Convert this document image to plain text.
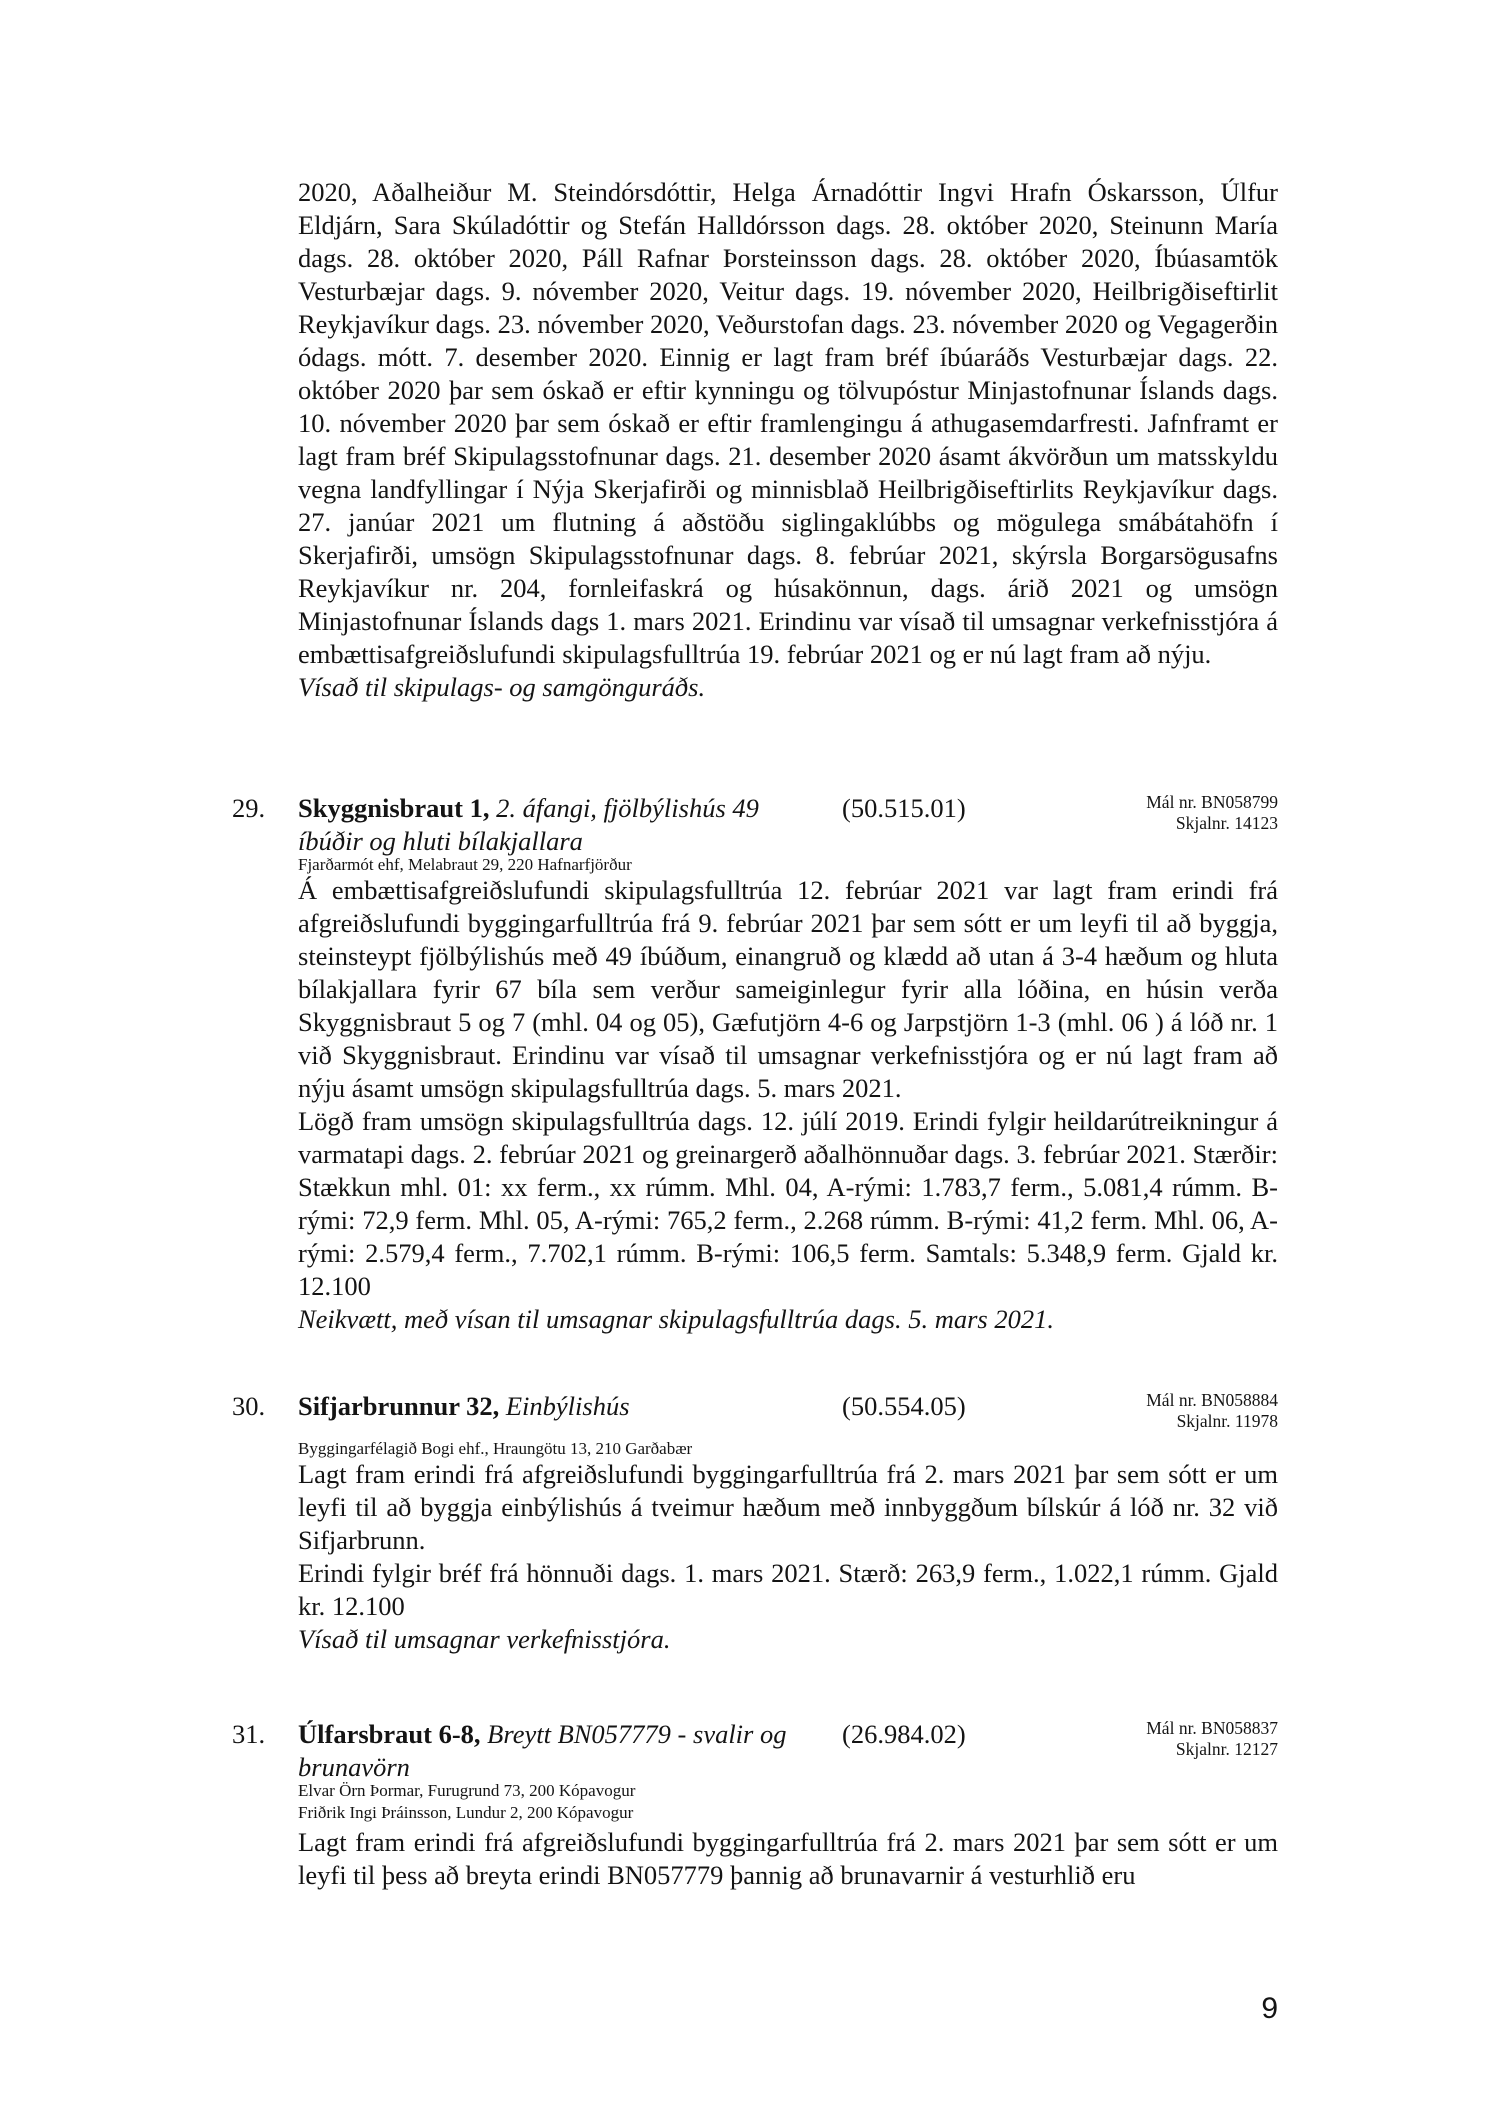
2020, Aðalheiður M. Steindórsdóttir, Helga Árnadóttir Ingvi Hrafn Óskarsson, Úlfur Eldjárn, Sara Skúladóttir og Stefán Halldórsson dags. 28. október 2020, Steinunn María dags. 28. október 2020, Páll Rafnar Þorsteinsson dags. 28. október 2020, Íbúasamtök Vesturbæjar dags. 9. nóvember 2020, Veitur dags. 19. nóvember 2020, Heilbrigðiseftirlit Reykjavíkur dags. 23. nóvember 2020, Veðurstofan dags. 23. nóvember 2020 og Vegagerðin ódags. mótt. 7. desember 2020. Einnig er lagt fram bréf íbúaráðs Vesturbæjar dags. 22. október 2020 þar sem óskað er eftir kynningu og tölvupóstur Minjastofnunar Íslands dags. 10. nóvember 2020 þar sem óskað er eftir framlengingu á athugasemdarfresti. Jafnframt er lagt fram bréf Skipulagsstofnunar dags. 21. desember 2020 ásamt ákvörðun um matsskyldu vegna landfyllingar í Nýja Skerjafirði og minnisblað Heilbrigðiseftirlits Reykjavíkur dags. 27. janúar 2021 um flutning á aðstöðu siglingaklúbbs og mögulega smábátahöfn í Skerjafirði, umsögn Skipulagsstofnunar dags. 8. febrúar 2021, skýrsla Borgarsögusafns Reykjavíkur nr. 204, fornleifaskrá og húsakönnun, dags. árið 2021 og umsögn Minjastofnunar Íslands dags 1. mars 2021. Erindinu var vísað til umsagnar verkefnisstjóra á embættisafgreiðslufundi skipulagsfulltrúa 19. febrúar 2021 og er nú lagt fram að nýju.

Vísað til skipulags- og samgönguráðs.

29. Skyggnisbraut 1, 2. áfangi, fjölbýlishús 49 íbúðir og hluti bílakjallara
(50.515.01)	Mál nr. BN058799
Skjalnr. 14123
Fjarðarmót ehf, Melabraut 29, 220 Hafnarfjörður

Á embættisafgreiðslufundi skipulagsfulltrúa 12. febrúar 2021 var lagt fram erindi frá afgreiðslufundi byggingarfulltrúa frá 9. febrúar 2021 þar sem sótt er um leyfi til að byggja, steinsteypt fjölbýlishús með 49 íbúðum, einangruð og klædd að utan á 3-4 hæðum og hluta bílakjallara fyrir 67 bíla sem verður sameiginlegur fyrir alla lóðina, en húsin verða Skyggnisbraut 5 og 7 (mhl. 04 og 05), Gæfutjörn 4-6 og Jarpstjörn 1-3 (mhl. 06 ) á lóð nr. 1 við Skyggnisbraut. Erindinu var vísað til umsagnar verkefnisstjóra og er nú lagt fram að nýju ásamt umsögn skipulagsfulltrúa dags. 5. mars 2021.

Lögð fram umsögn skipulagsfulltrúa dags. 12. júlí 2019. Erindi fylgir heildarútreikningur á varmatapi dags. 2. febrúar 2021 og greinargerð aðalhönnuðar dags. 3. febrúar 2021. Stærðir: Stækkun mhl. 01: xx ferm., xx rúmm. Mhl. 04, A-rými: 1.783,7 ferm., 5.081,4 rúmm. B-rými: 72,9 ferm. Mhl. 05, A-rými: 765,2 ferm., 2.268 rúmm. B-rými: 41,2 ferm. Mhl. 06, A-rými: 2.579,4 ferm., 7.702,1 rúmm. B-rými: 106,5 ferm. Samtals: 5.348,9 ferm. Gjald kr. 12.100

Neikvætt, með vísan til umsagnar skipulagsfulltrúa dags. 5. mars 2021.

30. Sifjarbrunnur 32, Einbýlishús	(50.554.05)	Mál nr. BN058884
Skjalnr. 11978
Byggingarfélagið Bogi ehf., Hraungötu 13, 210 Garðabær

Lagt fram erindi frá afgreiðslufundi byggingarfulltrúa frá 2. mars 2021 þar sem sótt er um leyfi til að byggja einbýlishús á tveimur hæðum með innbyggðum bílskúr á lóð nr. 32 við Sifjarbrunn.

Erindi fylgir bréf frá hönnuði dags. 1. mars 2021. Stærð: 263,9 ferm., 1.022,1 rúmm. Gjald kr. 12.100

Vísað til umsagnar verkefnisstjóra.

31. Úlfarsbraut 6-8, Breytt BN057779 - svalir og brunavörn
(26.984.02)	Mál nr. BN058837
Skjalnr. 12127
Elvar Örn Þormar, Furugrund 73, 200 Kópavogur
Friðrik Ingi Þráinsson, Lundur 2, 200 Kópavogur

Lagt fram erindi frá afgreiðslufundi byggingarfulltrúa frá 2. mars 2021 þar sem sótt er um leyfi til þess að breyta erindi BN057779 þannig að brunavarnir á vesturhlið eru

9
